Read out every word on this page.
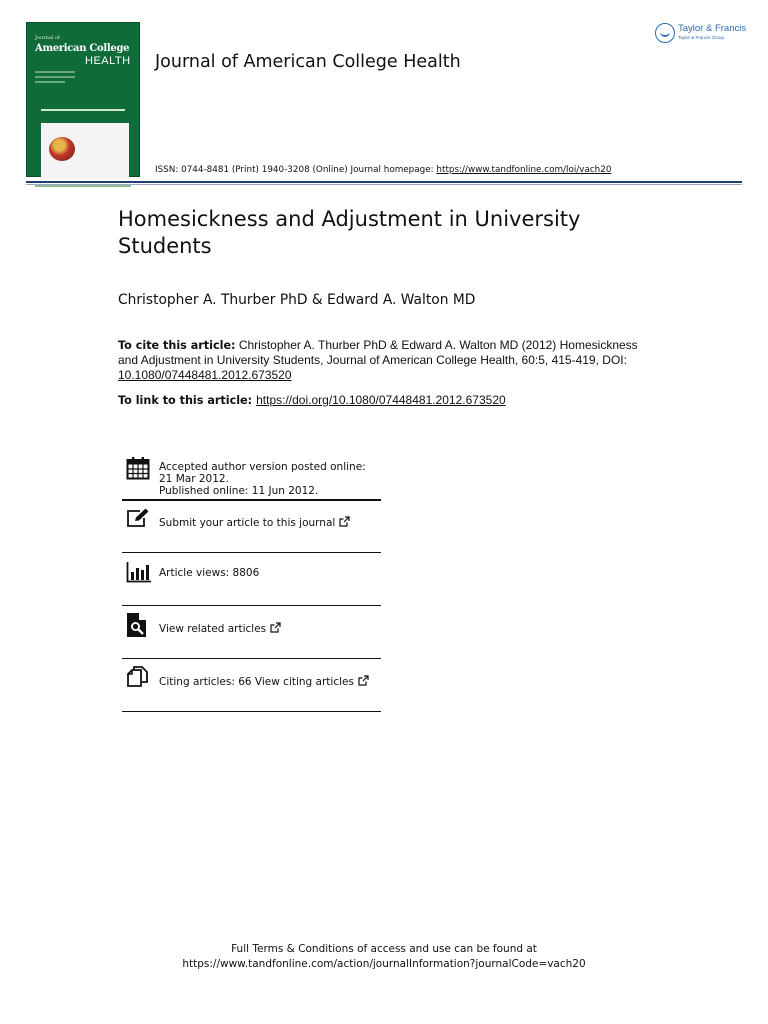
Journal of
American College
HEALTH Journal of American College Health
ISSN: 0744-8481 (Print) 1940-3208 (Online) Journal homepage: https://www.tandfonline.com/loi/vach20
Taylor & Francis
Taylor & Francis Group
Homesickness and Adjustment in University Students
Christopher A. Thurber PhD & Edward A. Walton MD
To cite this article: Christopher A. Thurber PhD & Edward A. Walton MD (2012) Homesickness and Adjustment in University Students, Journal of American College Health, 60:5, 415-419, DOI: 10.1080/07448481.2012.673520
To link to this article: https://doi.org/10.1080/07448481.2012.673520
Accepted author version posted online: 21 Mar 2012.
Published online: 11 Jun 2012.
Submit your article to this journal
Article views: 8806
View related articles
Citing articles: 66 View citing articles
Full Terms & Conditions of access and use can be found at
https://www.tandfonline.com/action/journalInformation?journalCode=vach20
